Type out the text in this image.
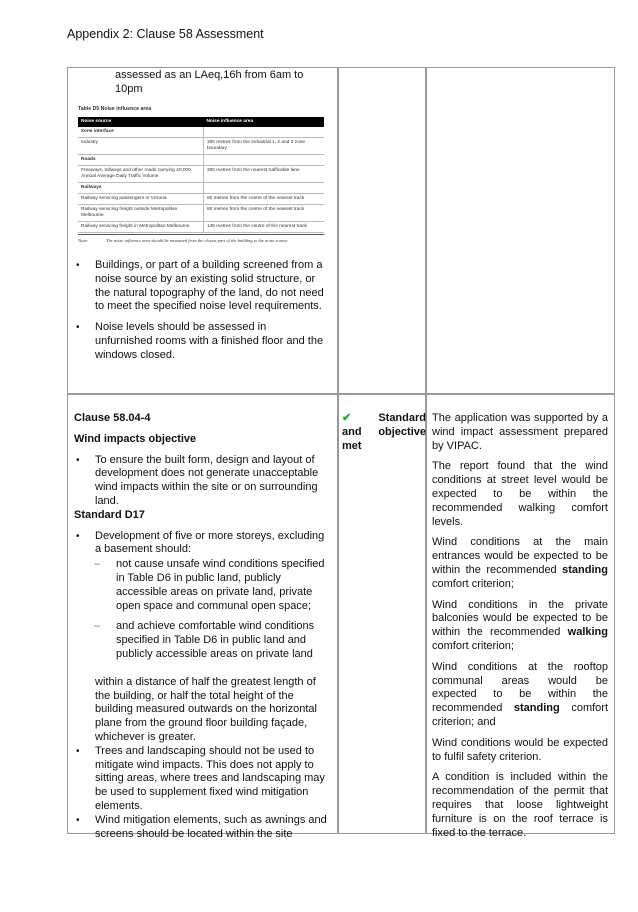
Appendix 2: Clause 58 Assessment
assessed as an LAeq,16h from 6am to 10pm
Table D5 Noise influence area
Noise source	Noise influence area
Zone interface	
Industry	300 metres from the Industrial 1, 2 and 3 zone boundary
Roads	
Freeways, tollways and other roads carrying 40,000 Annual Average Daily Traffic Volume	300 metres from the nearest trafficable lane
Railways	
Railway servicing passengers in Victoria	80 metres from the centre of the nearest track
Railway servicing freight outside Metropolitan Melbourne	80 metres from the centre of the nearest track
Railway servicing freight in Metropolitan Melbourne	135 metres from the centre of the nearest track
Note:	The noise influence area should be measured from the closest part of the building to the noise source.
• Buildings, or part of a building screened from a noise source by an existing solid structure, or the natural topography of the land, do not need to meet the specified noise level requirements.
• Noise levels should be assessed in unfurnished rooms with a finished floor and the windows closed.
Clause 58.04-4
Wind impacts objective
• To ensure the built form, design and layout of development does not generate unacceptable wind impacts within the site or on surrounding land.
Standard D17
• Development of five or more storeys, excluding a basement should:
– not cause unsafe wind conditions specified in Table D6 in public land, publicly accessible areas on private land, private open space and communal open space;
– and achieve comfortable wind conditions specified in Table D6 in public land and publicly accessible areas on private land
within a distance of half the greatest length of the building, or half the total height of the building measured outwards on the horizontal plane from the ground floor building façade, whichever is greater.
• Trees and landscaping should not be used to mitigate wind impacts. This does not apply to sitting areas, where trees and landscaping may be used to supplement fixed wind mitigation elements.
• Wind mitigation elements, such as awnings and screens should be located within the site
✔ Standard and objective met
The application was supported by a wind impact assessment prepared by VIPAC.
The report found that the wind conditions at street level would be expected to be within the recommended walking comfort levels.
Wind conditions at the main entrances would be expected to be within the recommended standing comfort criterion;
Wind conditions in the private balconies would be expected to be within the recommended walking comfort criterion;
Wind conditions at the rooftop communal areas would be expected to be within the recommended standing comfort criterion; and
Wind conditions would be expected to fulfil safety criterion.
A condition is included within the recommendation of the permit that requires that loose lightweight furniture is on the roof terrace is fixed to the terrace.
